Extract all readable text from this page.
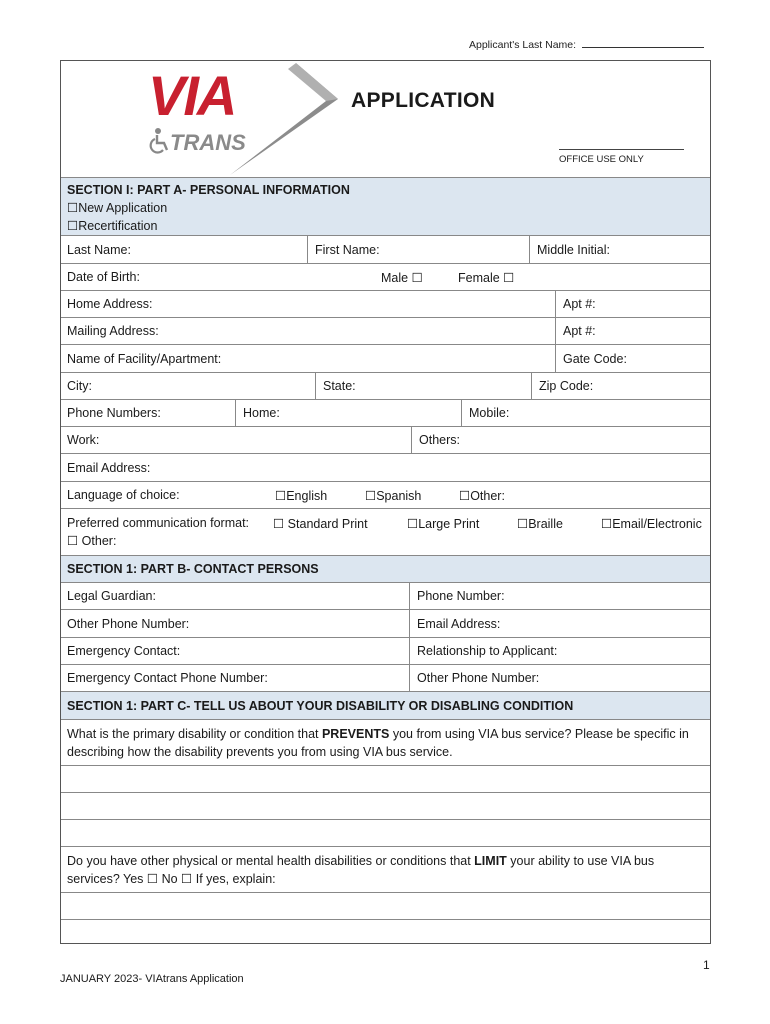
Applicant's Last Name:
VIA
TRANS
APPLICATION
OFFICE USE ONLY
SECTION I: PART A- PERSONAL INFORMATION
☐New Application
☐Recertification
Last Name:	First Name:	Middle Initial:
Date of Birth:	Male ☐	Female ☐
Home Address:	Apt #:
Mailing Address:	Apt #:
Name of Facility/Apartment:	Gate Code:
City:	State:	Zip Code:
Phone Numbers:	Home:	Mobile:
Work:	Others:
Email Address:
Language of choice:	☐English	☐Spanish	☐Other:
Preferred communication format: ☐ Standard Print	☐Large Print	☐Braille	☐Email/Electronic
☐ Other:
SECTION 1: PART B- CONTACT PERSONS
Legal Guardian:	Phone Number:
Other Phone Number:	Email Address:
Emergency Contact:	Relationship to Applicant:
Emergency Contact Phone Number:	Other Phone Number:
SECTION 1: PART C- TELL US ABOUT YOUR DISABILITY OR DISABLING CONDITION
What is the primary disability or condition that PREVENTS you from using VIA bus service? Please be specific in describing how the disability prevents you from using VIA bus service.
Do you have other physical or mental health disabilities or conditions that LIMIT your ability to use VIA bus services? Yes ☐ No ☐ If yes, explain:
1
JANUARY 2023- VIAtrans Application
